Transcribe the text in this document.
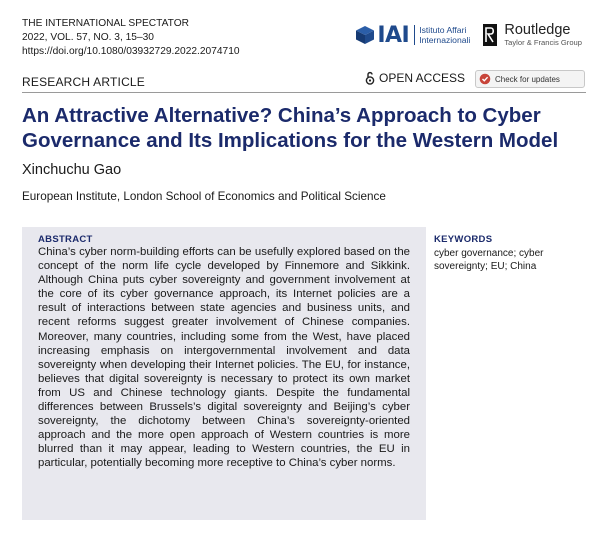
THE INTERNATIONAL SPECTATOR
2022, VOL. 57, NO. 3, 15–30
https://doi.org/10.1080/03932729.2022.2074710
IAI Istituto Affari
Internazionali
Routledge
Taylor & Francis Group
RESEARCH ARTICLE	OPEN ACCESS	Check for updates
An Attractive Alternative? China’s Approach to Cyber Governance and Its Implications for the Western Model
Xinchuchu Gao
European Institute, London School of Economics and Political Science
ABSTRACT

China’s cyber norm-building efforts can be usefully explored based on the concept of the norm life cycle developed by Finnemore and Sikkink. Although China puts cyber sovereignty and government involvement at the core of its cyber governance approach, its Internet policies are a result of interactions between state agencies and business units, and recent reforms suggest greater involvement of Chinese companies. Moreover, many countries, including some from the West, have placed increasing emphasis on intergovernmental involvement and data sovereignty when developing their Internet policies. The EU, for instance, believes that digital sovereignty is necessary to protect its own market from US and Chinese technology giants. Despite the fundamental differences between Brussels’s digital sovereignty and Beijing’s cyber sovereignty, the dichotomy between China’s sovereignty-oriented approach and the more open approach of Western countries is more blurred than it may appear, leading to Western countries, the EU in particular, potentially becoming more receptive to China’s cyber norms.

KEYWORDS
cyber governance; cyber sovereignty; EU; China
